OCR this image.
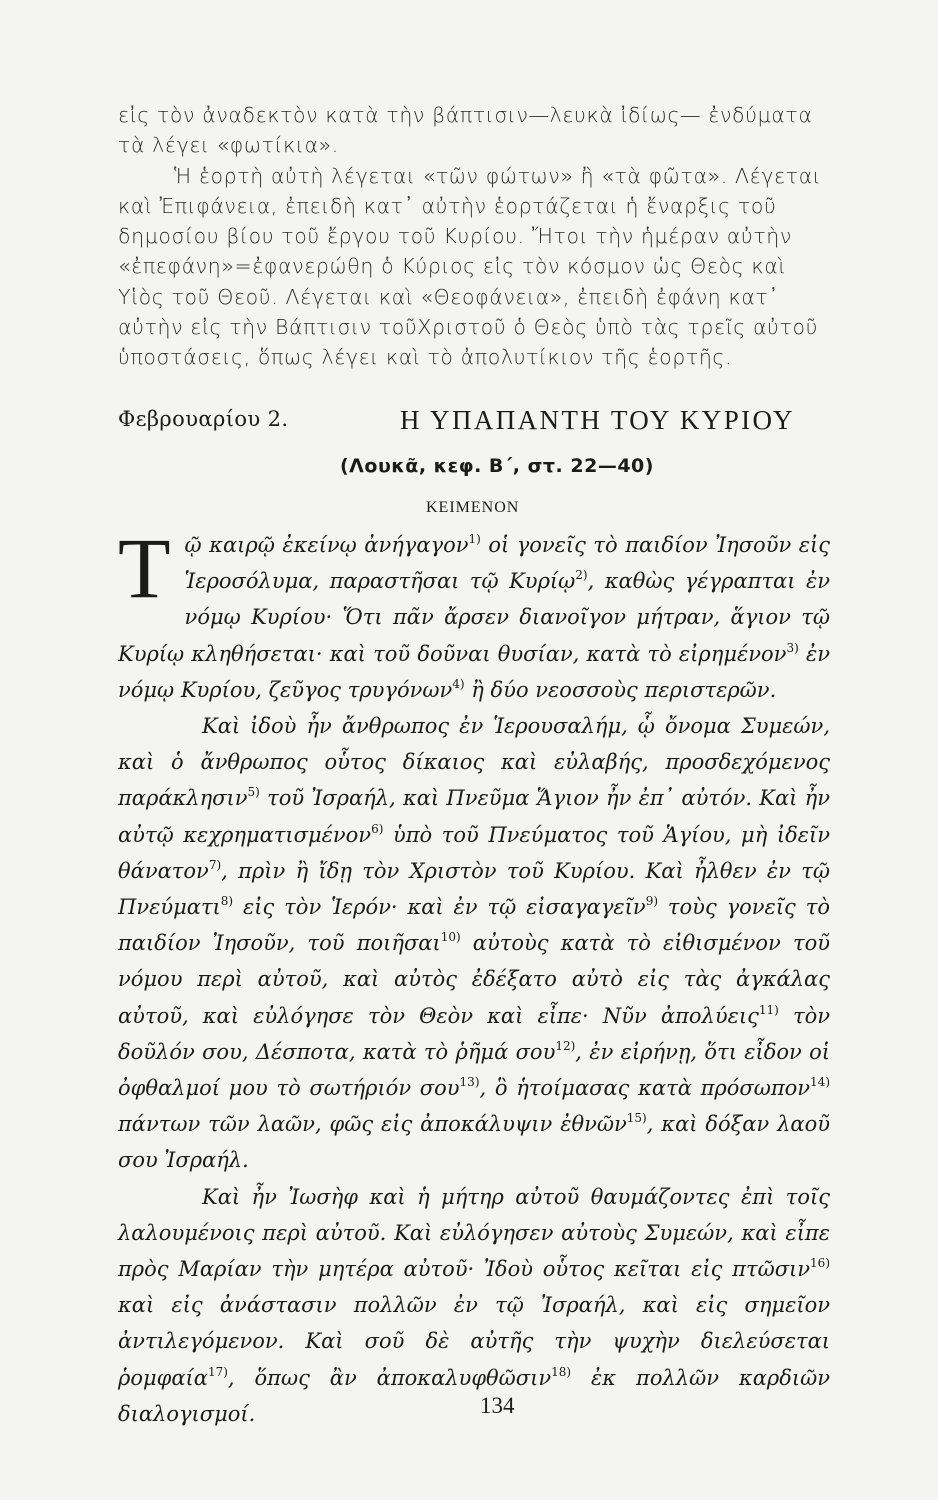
εἰς τὸν ἀναδεκτὸν κατὰ τὴν βάπτισιν—λευκὰ ἰδίως— ἐνδύματα τὰ λέγει «φωτίκια».

Ἡ ἑορτὴ αὐτὴ λέγεται «τῶν φώτων» ἢ «τὰ φῶτα». Λέγεται καὶ Ἐπιφάνεια, ἐπειδὴ κατ᾽ αὐτὴν ἑορτάζεται ἡ ἔναρξις τοῦ δημοσίου βίου τοῦ ἔργου τοῦ Κυρίου. Ἤτοι τὴν ἡμέραν αὐτὴν «ἐπεφάνη»=ἐφανερώθη ὁ Κύριος εἰς τὸν κόσμον ὡς Θεὸς καὶ Υἱὸς τοῦ Θεοῦ. Λέγεται καὶ «Θεοφάνεια», ἐπειδὴ ἐφάνη κατ᾽ αὐτὴν εἰς τὴν Βάπτισιν τοῦΧριστοῦ ὁ Θεὸς ὑπὸ τὰς τρεῖς αὐτοῦ ὑποστάσεις, ὅπως λέγει καὶ τὸ ἀπολυτίκιον τῆς ἑορτῆς.

Φεβρουαρίου 2.	Η ΥΠΑΠΑΝΤΗ ΤΟΥ ΚΥΡΙΟΥ
(Λουκᾶ, κεφ. Β΄, στ. 22—40)
ΚΕΙΜΕΝΟΝ

Τῷ καιρῷ ἐκείνῳ ἀνήγαγον$^{1)}$ οἱ γονεῖς τὸ παιδίον Ἰησοῦν εἰς Ἱεροσόλυμα, παραστῆσαι τῷ Κυρίῳ$^{2)}$, καθὼς γέγραπται ἐν νόμῳ Κυρίου· Ὅτι πᾶν ἄρσεν διανοῖγον μήτραν, ἅγιον τῷ Κυρίῳ κληθήσεται· καὶ τοῦ δοῦναι θυσίαν, κατὰ τὸ εἰρημένον$^{3)}$ ἐν νόμῳ Κυρίου, ζεῦγος τρυγόνων$^{4)}$ ἢ δύο νεοσσοὺς περιστερῶν.

Καὶ ἰδοὺ ἦν ἄνθρωπος ἐν Ἱερουσαλήμ, ᾧ ὄνομα Συμεών, καὶ ὁ ἄνθρωπος οὗτος δίκαιος καὶ εὐλαβής, προσδεχόμενος παράκλησιν$^{5)}$ τοῦ Ἰσραήλ, καὶ Πνεῦμα Ἅγιον ἦν ἐπ᾽ αὐτόν. Καὶ ἦν αὐτῷ κεχρηματισμένον$^{6)}$ ὑπὸ τοῦ Πνεύματος τοῦ Ἁγίου, μὴ ἰδεῖν θάνατον$^{7)}$, πρὶν ἢ ἴδῃ τὸν Χριστὸν τοῦ Κυρίου. Καὶ ἦλθεν ἐν τῷ Πνεύματι$^{8)}$ εἰς τὸν Ἱερόν· καὶ ἐν τῷ εἰσαγαγεῖν$^{9)}$ τοὺς γονεῖς τὸ παιδίον Ἰησοῦν, τοῦ ποιῆσαι$^{10)}$ αὐτοὺς κατὰ τὸ εἰθισμένον τοῦ νόμου περὶ αὐτοῦ, καὶ αὐτὸς ἐδέξατο αὐτὸ εἰς τὰς ἀγκάλας αὐτοῦ, καὶ εὐλόγησε τὸν Θεὸν καὶ εἶπε· Νῦν ἀπολύεις$^{11)}$ τὸν δοῦλόν σου, Δέσποτα, κατὰ τὸ ῥῆμά σου$^{12)}$, ἐν εἰρήνῃ, ὅτι εἶδον οἱ ὀφθαλμοί μου τὸ σωτήριόν σου$^{13)}$, ὃ ἡτοίμασας κατὰ πρόσωπον$^{14)}$ πάντων τῶν λαῶν, φῶς εἰς ἀποκάλυψιν ἐθνῶν$^{15)}$, καὶ δόξαν λαοῦ σου Ἰσραήλ.

Καὶ ἦν Ἰωσὴφ καὶ ἡ μήτηρ αὐτοῦ θαυμάζοντες ἐπὶ τοῖς λαλουμένοις περὶ αὐτοῦ. Καὶ εὐλόγησεν αὐτοὺς Συμεών, καὶ εἶπε πρὸς Μαρίαν τὴν μητέρα αὐτοῦ· Ἰδοὺ οὗτος κεῖται εἰς πτῶσιν$^{16)}$ καὶ εἰς ἀνάστασιν πολλῶν ἐν τῷ Ἰσραήλ, καὶ εἰς σημεῖον ἀντιλεγόμενον. Καὶ σοῦ δὲ αὐτῆς τὴν ψυχὴν διελεύσεται ῥομφαία$^{17)}$, ὅπως ἂν ἀποκαλυφθῶσιν$^{18)}$ ἐκ πολλῶν καρδιῶν διαλογισμοί.	134
